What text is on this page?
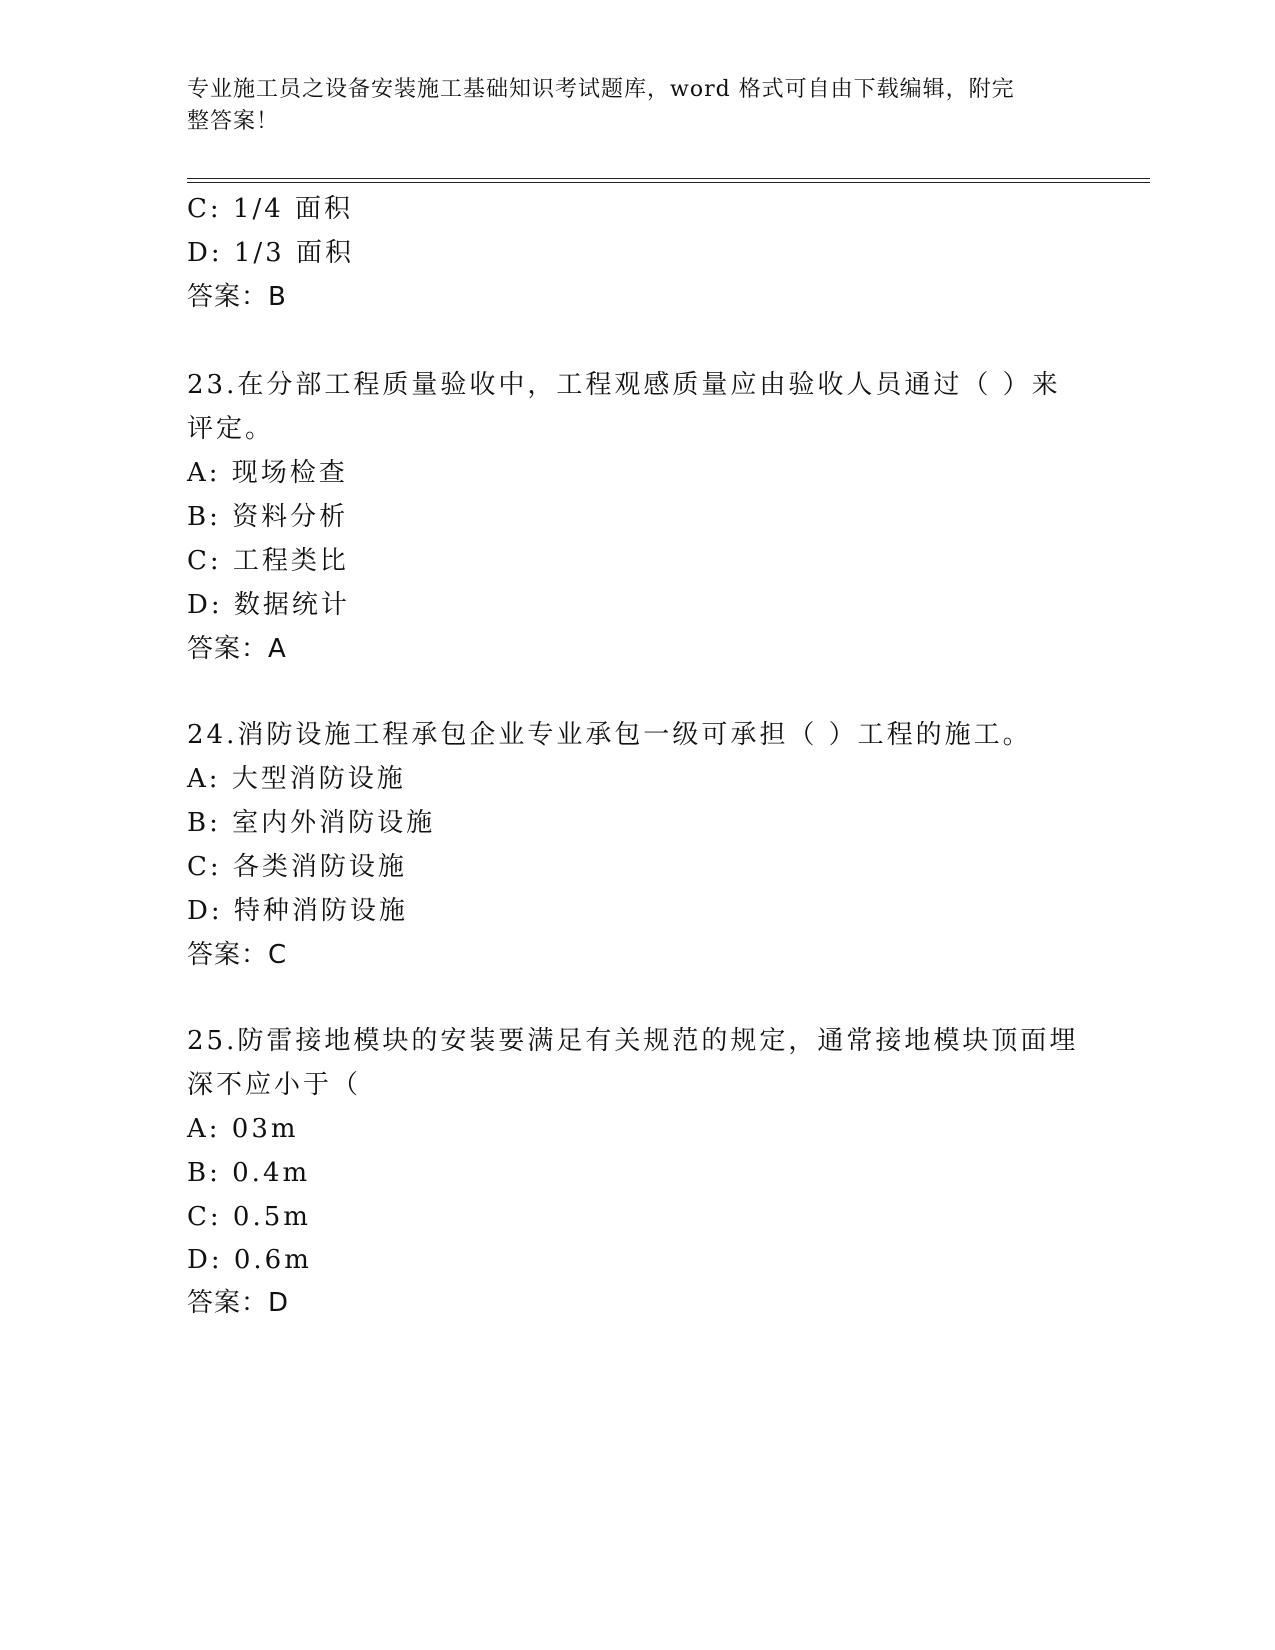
专业施工员之设备安装施工基础知识考试题库，word 格式可自由下载编辑，附完
整答案！
C: 1/4 面积
D: 1/3 面积
答案：B
23.在分部工程质量验收中，工程观感质量应由验收人员通过（ ）来
评定。
A: 现场检查
B: 资料分析
C: 工程类比
D: 数据统计
答案：A
24.消防设施工程承包企业专业承包一级可承担（ ）工程的施工。
A: 大型消防设施
B: 室内外消防设施
C: 各类消防设施
D: 特种消防设施
答案：C
25.防雷接地模块的安装要满足有关规范的规定，通常接地模块顶面埋
深不应小于（
A: 03m
B: 0.4m
C: 0.5m
D: 0.6m
答案：D
